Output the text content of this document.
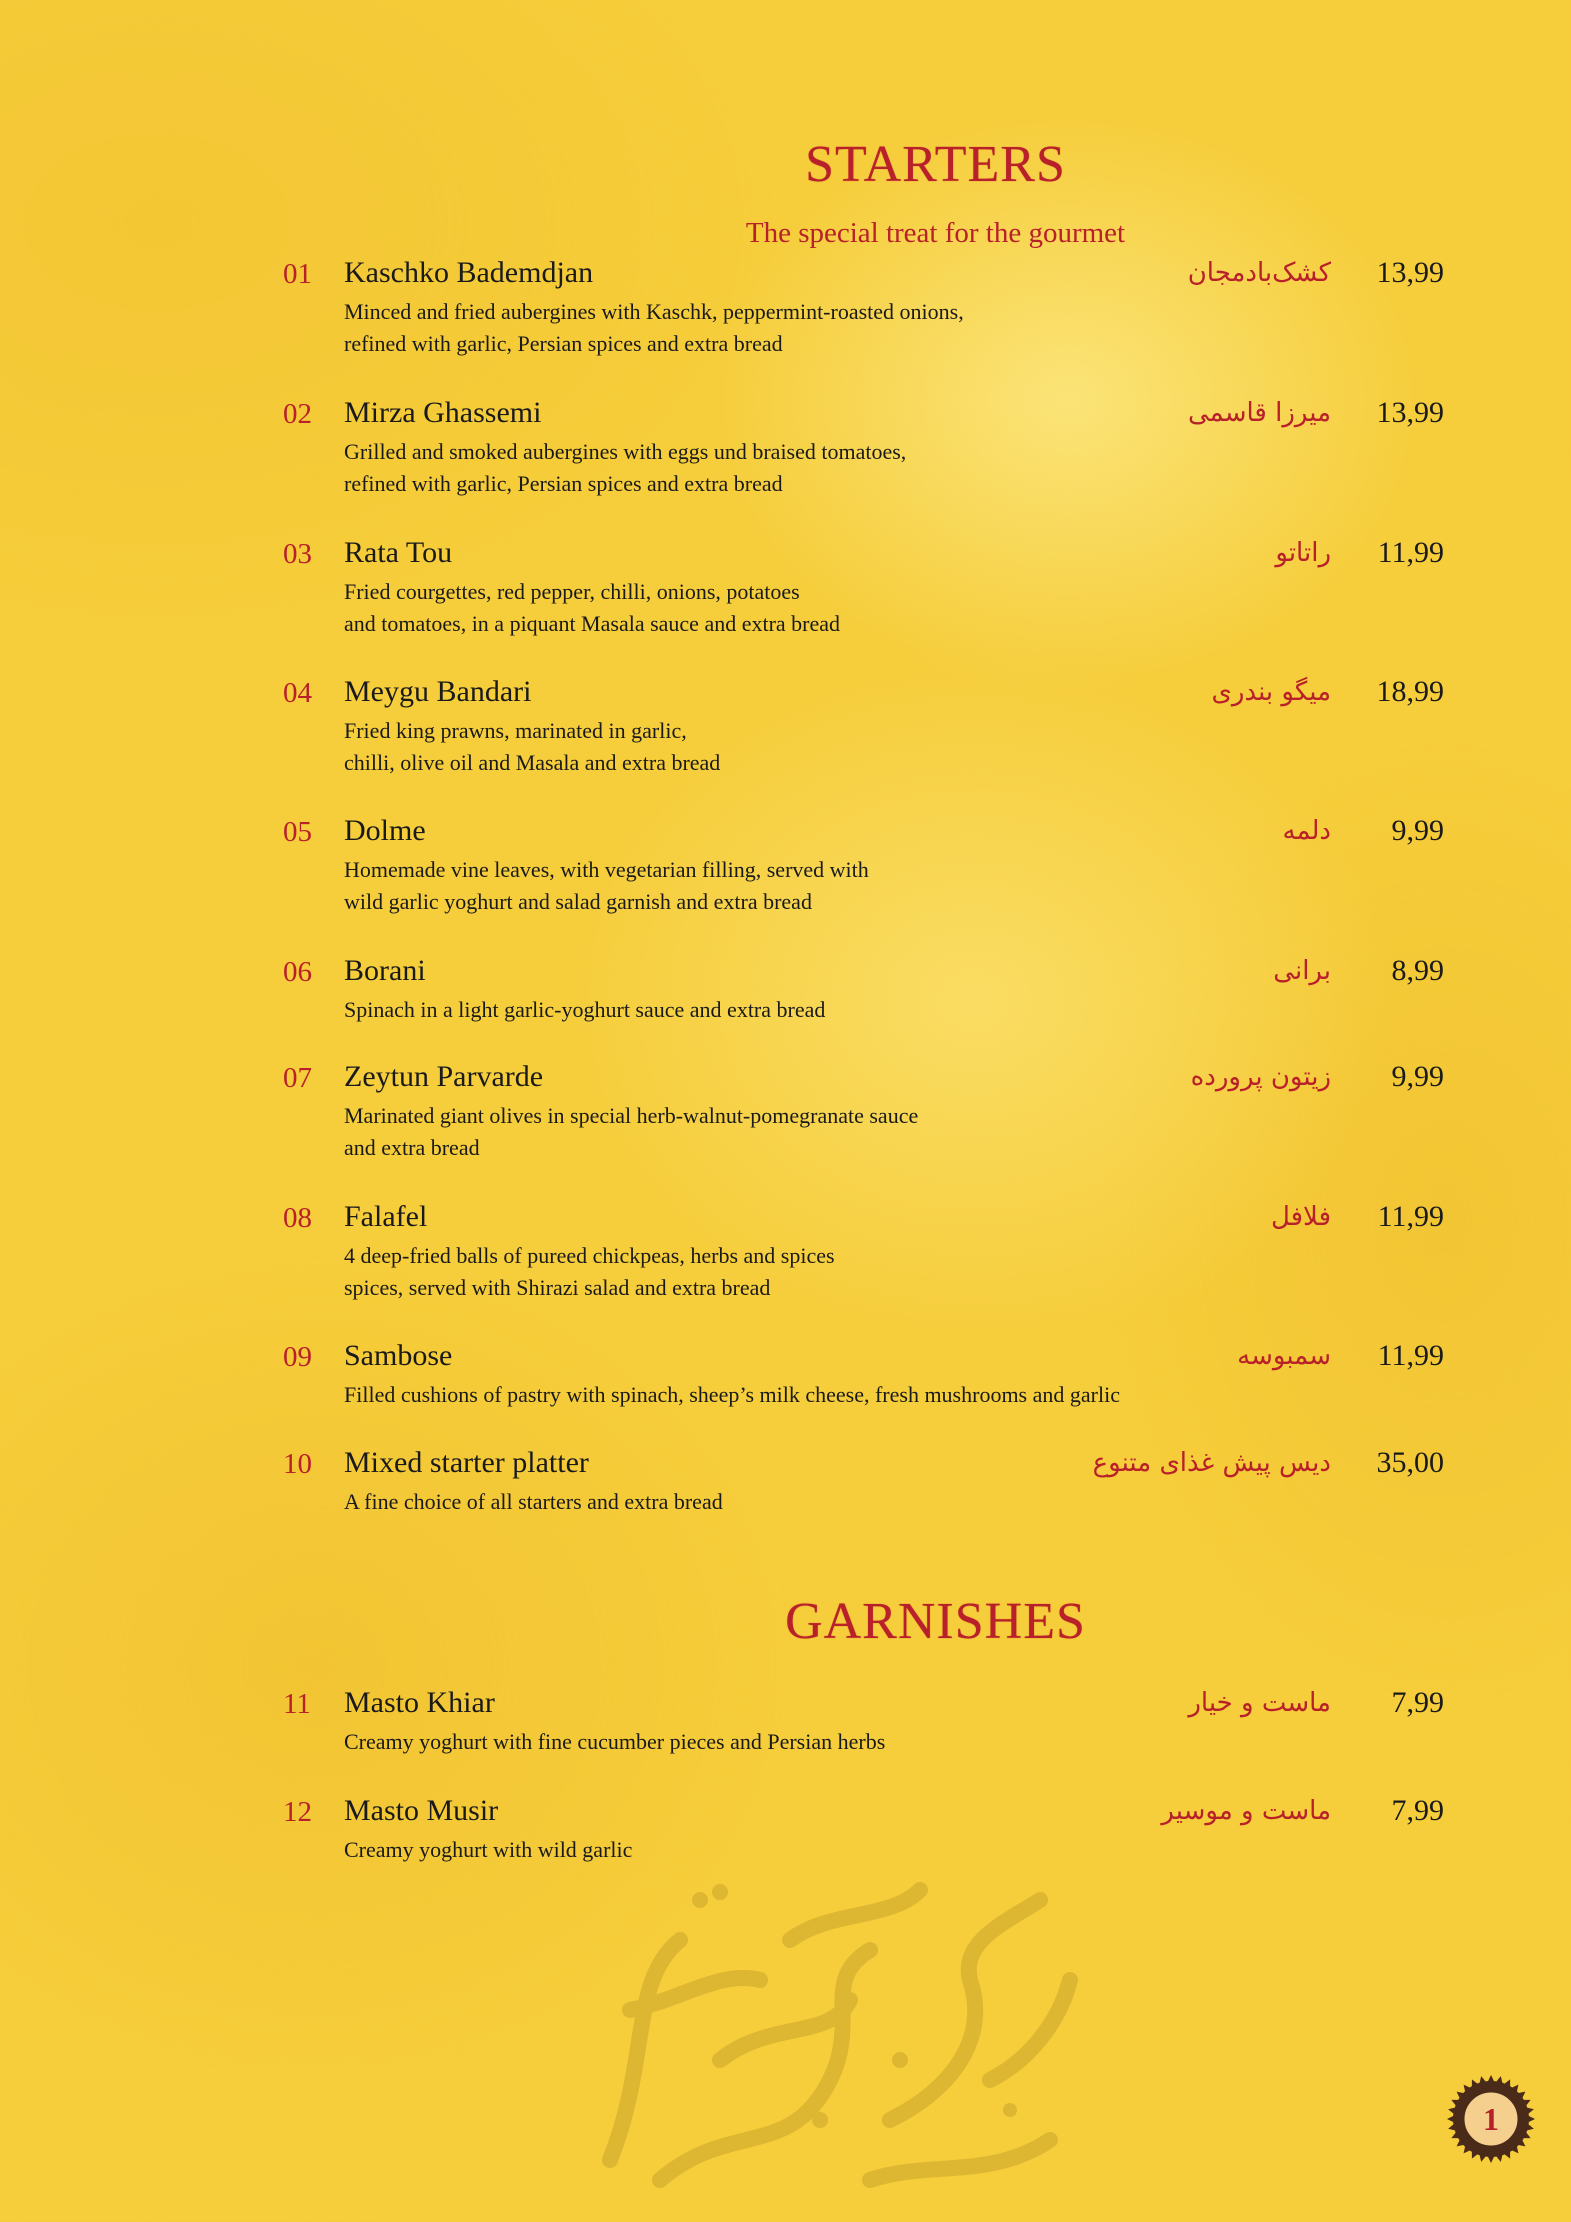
STARTERS

The special treat for the gourmet

01 Kaschko Bademdjan	کشک‌بادمجان 13,99
Minced and fried aubergines with Kaschk, peppermint-roasted onions,
refined with garlic, Persian spices and extra bread
02 Mirza Ghassemi	میرزا قاسمی 13,99
Grilled and smoked aubergines with eggs und braised tomatoes,
refined with garlic, Persian spices and extra bread
03 Rata Tou	راتاتو 11,99
Fried courgettes, red pepper, chilli, onions, potatoes
and tomatoes, in a piquant Masala sauce and extra bread
04 Meygu Bandari	میگو بندری 18,99
Fried king prawns, marinated in garlic,
chilli, olive oil and Masala and extra bread
05 Dolme	دلمه 9,99
Homemade vine leaves, with vegetarian filling, served with
wild garlic yoghurt and salad garnish and extra bread
06 Borani	برانی 8,99
Spinach in a light garlic-yoghurt sauce and extra bread
07 Zeytun Parvarde	زیتون پرورده 9,99
Marinated giant olives in special herb-walnut-pomegranate sauce
and extra bread
08 Falafel	فلافل 11,99
4 deep-fried balls of pureed chickpeas, herbs and spices
spices, served with Shirazi salad and extra bread
09 Sambose	سمبوسه 11,99
Filled cushions of pastry with spinach, sheep’s milk cheese, fresh mushrooms and garlic
10 Mixed starter platter	دیس پیش غذای متنوع 35,00
A fine choice of all starters and extra bread
GARNISHES
11 Masto Khiar	ماست و خیار 7,99
Creamy yoghurt with fine cucumber pieces and Persian herbs
12 Masto Musir	ماست و موسیر 7,99
Creamy yoghurt with wild garlic
1
